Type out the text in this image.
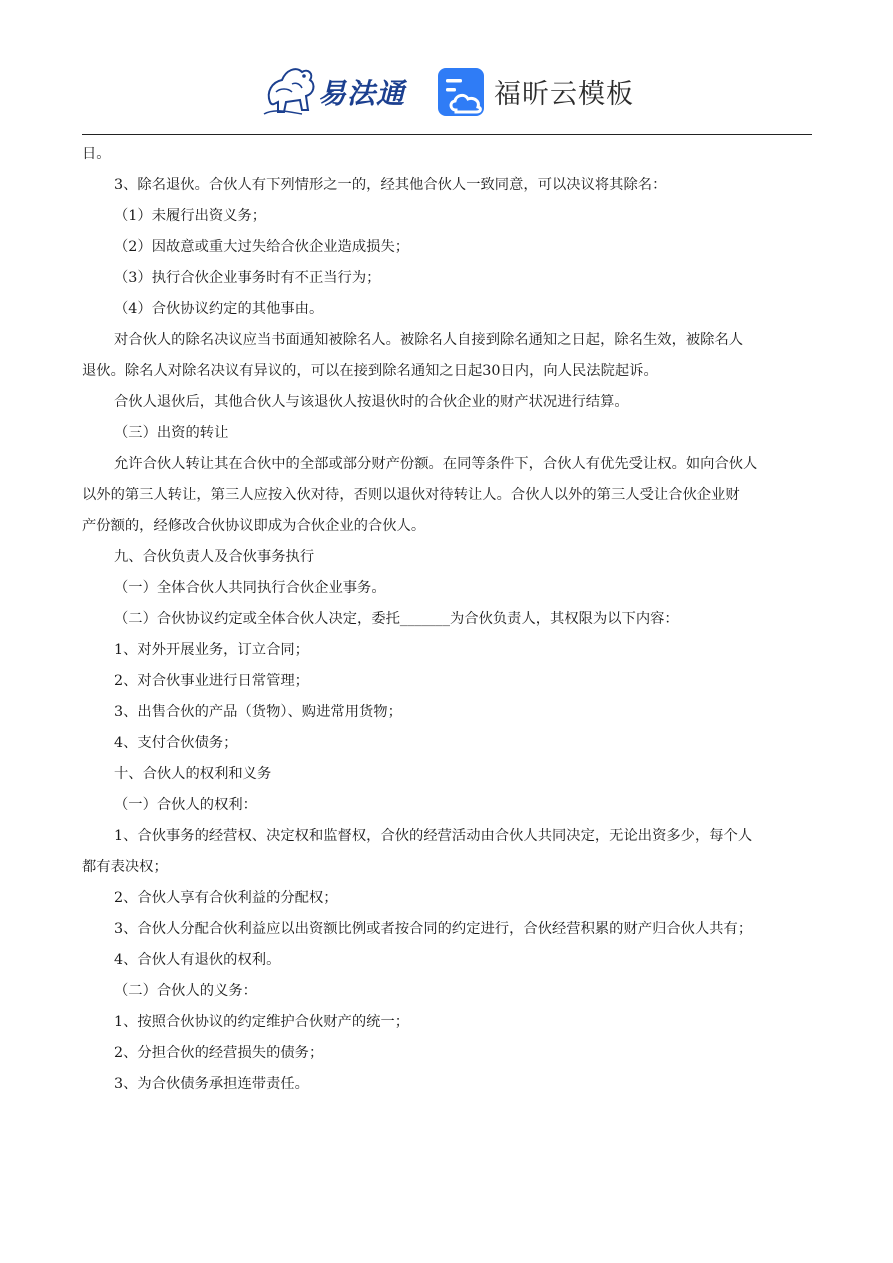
易法通	福昕云模板

日。

3、除名退伙。合伙人有下列情形之一的，经其他合伙人一致同意，可以决议将其除名：

（1）未履行出资义务；

（2）因故意或重大过失给合伙企业造成损失；

（3）执行合伙企业事务时有不正当行为；

（4）合伙协议约定的其他事由。

对合伙人的除名决议应当书面通知被除名人。被除名人自接到除名通知之日起，除名生效，被除名人

退伙。除名人对除名决议有异议的，可以在接到除名通知之日起30日内，向人民法院起诉。

合伙人退伙后，其他合伙人与该退伙人按退伙时的合伙企业的财产状况进行结算。

（三）出资的转让

允许合伙人转让其在合伙中的全部或部分财产份额。在同等条件下，合伙人有优先受让权。如向合伙人

以外的第三人转让，第三人应按入伙对待，否则以退伙对待转让人。合伙人以外的第三人受让合伙企业财

产份额的，经修改合伙协议即成为合伙企业的合伙人。

九、合伙负责人及合伙事务执行

（一）全体合伙人共同执行合伙企业事务。

（二）合伙协议约定或全体合伙人决定，委托_______为合伙负责人，其权限为以下内容：

1、对外开展业务，订立合同；

2、对合伙事业进行日常管理；

3、出售合伙的产品（货物）、购进常用货物；

4、支付合伙债务；

十、合伙人的权利和义务

（一）合伙人的权利：

1、合伙事务的经营权、决定权和监督权，合伙的经营活动由合伙人共同决定，无论出资多少，每个人

都有表决权；

2、合伙人享有合伙利益的分配权；

3、合伙人分配合伙利益应以出资额比例或者按合同的约定进行，合伙经营积累的财产归合伙人共有；

4、合伙人有退伙的权利。

（二）合伙人的义务：

1、按照合伙协议的约定维护合伙财产的统一；

2、分担合伙的经营损失的债务；

3、为合伙债务承担连带责任。
